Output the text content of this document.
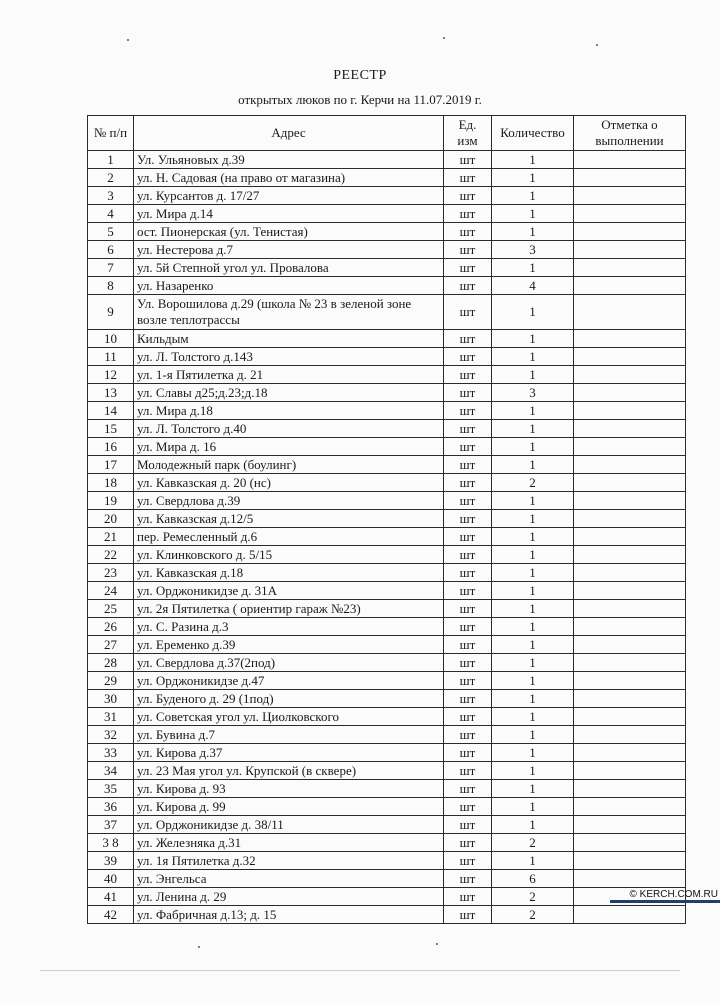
РЕЕСТР
открытых люков по г. Керчи на 11.07.2019 г.
№ п/п	Адрес	Ед. изм	Количество	Отметка о выполнении
1	Ул. Ульяновых д.39	шт	1	
2	ул. Н. Садовая (на право от магазина)	шт	1	
3	ул. Курсантов д. 17/27	шт	1	
4	ул. Мира д.14	шт	1	
5	ост. Пионерская (ул. Тенистая)	шт	1	
6	ул. Нестерова д.7	шт	3	
7	ул. 5й Степной угол ул. Провалова	шт	1	
8	ул. Назаренко	шт	4	
9	Ул. Ворошилова д.29 (школа № 23 в зеленой зоне возле теплотрассы	шт	1	
10	Кильдым	шт	1	
11	ул. Л. Толстого д.143	шт	1	
12	ул. 1-я Пятилетка д. 21	шт	1	
13	ул. Славы д25;д.23;д.18	шт	3	
14	ул. Мира д.18	шт	1	
15	ул. Л. Толстого д.40	шт	1	
16	ул. Мира д. 16	шт	1	
17	Молодежный парк (боулинг)	шт	1	
18	ул. Кавказская д. 20 (нс)	шт	2	
19	ул. Свердлова д.39	шт	1	
20	ул. Кавказская д.12/5	шт	1	
21	пер. Ремесленный д.6	шт	1	
22	ул. Клинковского д. 5/15	шт	1	
23	ул. Кавказская д.18	шт	1	
24	ул. Орджоникидзе д. 31А	шт	1	
25	ул. 2я Пятилетка ( ориентир гараж №23)	шт	1	
26	ул. С. Разина д.3	шт	1	
27	ул. Еременко д.39	шт	1	
28	ул. Свердлова д.37(2под)	шт	1	
29	ул. Орджоникидзе д.47	шт	1	
30	ул. Буденого д. 29 (1под)	шт	1	
31	ул. Советская угол ул. Циолковского	шт	1	
32	ул. Бувина д.7	шт	1	
33	ул. Кирова д.37	шт	1	
34	ул. 23 Мая угол ул. Крупской (в сквере)	шт	1	
35	ул. Кирова д. 93	шт	1	
36	ул. Кирова д. 99	шт	1	
37	ул. Орджоникидзе д. 38/11	шт	1	
3 8	ул. Железняка д.31	шт	2	
39	ул. 1я Пятилетка д.32	шт	1	
40	ул. Энгельса	шт	6	
41	ул. Ленина д. 29	шт	2	
42	ул. Фабричная д.13; д. 15	шт	2	
© KERCH.COM.RU
